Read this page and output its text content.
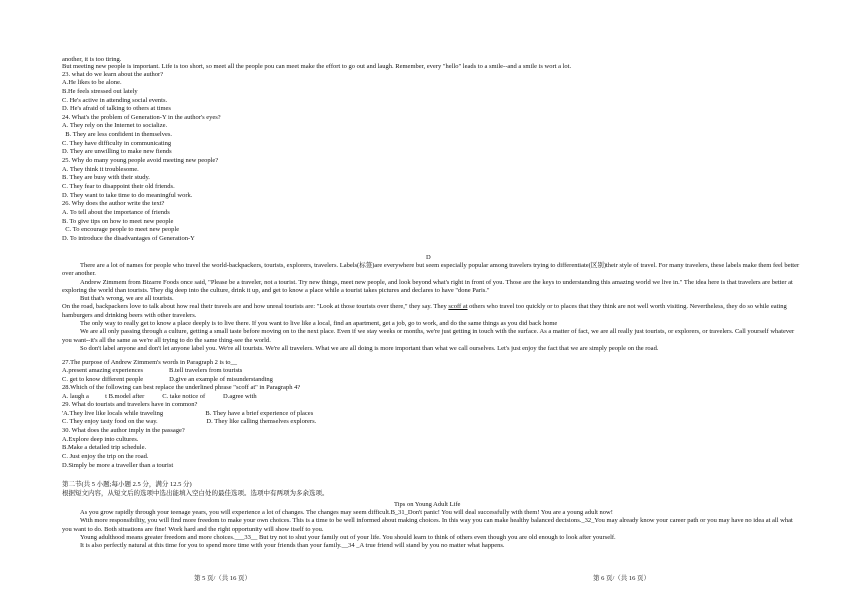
another, it is too tiring.
But meeting new people is important. Life is too short, so meet all the people pou can meet make the effort to go out and laugh. Remember, every "hello" leads to a smile--and a smile is wort a lot.
23. what do we learn about the author?
A.He likes to be alone.
B.He feels stressed out lately
C. He's active in attending social events.
D. He's afraid of talking to others at times
24. What's the problem of Generation-Y in the author's eyes?
A. They rely on the Internet to socialize.
B. They are less confident in themselves.
C. They have difficulty in communicating
D. They are unwilling to make new fiends
25. Why do many young people avoid meeting new people?
A. They think it troublesome.
B. They are busy with their study.
C. They fear to disappoint their old friends.
D. They want to take time to do meaningful work.
26. Why does the author write the text?
A. To tell about the importance of friends
B. To give tips on how to meet new people
C. To encourage people to meet new people
D. To introduce the disadvantages of Generation-Y
D

There are a lot of names for people who travel the world-backpackers, tourists, explorers, travelers. Labels(标签)are everywhere but seem especially popular among travelers trying to differentiate(区别)their style of travel. For many travelers, these labels make them feel better over another.

Andrew Zimmem from Bizarre Foods once said, "Please be a traveler, not a tourist. Try new things, meet new people, and look beyond what's right in front of you. Those are the keys to understanding this amazing world we live in." The idea here is that travelers are better at exploring the world than tourists. They dig deep into the culture, drink it up, and get to know a place while a tourist takes pictures and declares to have "done Paris."

But that's wrong, we are all tourists.

On the road, backpackers love to talk about how real their travels are and how unreal tourists are: "Look at those tourists over there," they say. They scoff at others who travel too quickly or to places that they think are not well worth visiting. Nevertheless, they do so while eating hamburgers and drinking beers with other travelers.

The only way to really get to know a place deeply is to live there. If you want to live like a local, find an apartment, get a job, go to work, and do the same things as you did back home

We are all only passing through a culture, getting a small taste before moving on to the next place. Even if we stay weeks or months, we're just getting in touch with the surface. As a matter of fact, we are all really just tourists, or explorers, or travelers. Call yourself whatever you want--it's all the same as we're all trying to do the same thing-see the world.

So don't label anyone and don't let anyone label you. We're all tourists. We're all travelers. What we are all doing is more important than what we call ourselves. Let's just enjoy the fact that we are simply people on the road.

27.The purpose of Andrew Zimmem's words in Paragraph 2 is to__
A.present amazing experiences                B.tell travelers from tourists
C. get to know different people                D.give an example of misunderstanding
28.Which of the following can best replace the underlined phrase "scoff at" in Paragraph 4?
A. laugh a          t B.model after           C. take notice of           D.agree with
29. What do tourists and travelers have in common?
'A.They live like locals while traveling                          B. They have a brief experience of places
C. They enjoy tasty food on the way.                              D. They like calling themselves explorers.
30. What does the author imply in the passage?
A.Explore deep into cultures.
B.Make a detailed trip schedule.
C. Just enjoy the trip on the road.
D.Simply be more a traveller than a tourist
第二节(共 5 小题;每小题 2.5 分，满分 12.5 分)
根据短文内容，从短文后的选项中选出能填入空白处的最佳选项。选项中有两项为多余选项。
Tips on Young Adult Life

As you grow rapidly through your teenage years, you will experience a lot of changes. The changes may seem difficult.B_31_Don't panic! You will deal successfully with them! You are a young adult now!

With more responsibility, you will find more freedom to make your own choices. This is a time to be well informed about making choices. In this way you can make healthy balanced decisions._32_You may already know your career path or you may have no idea at all what you want to do. Both situations are fine! Work hard and the right opportunity will show itself to you.

Young adulthood means greater freedom and more choices.___33__ But try not to shut your family out of your life. You should learn to think of others even though you are old enough to look after yourself.

It is also perfectly natural at this time for you to spend more time with your friends than your family.__34 _A true friend will stand by you no matter what happens.

第 5 页/（共 16 页）	第 6 页/（共 16 页）
